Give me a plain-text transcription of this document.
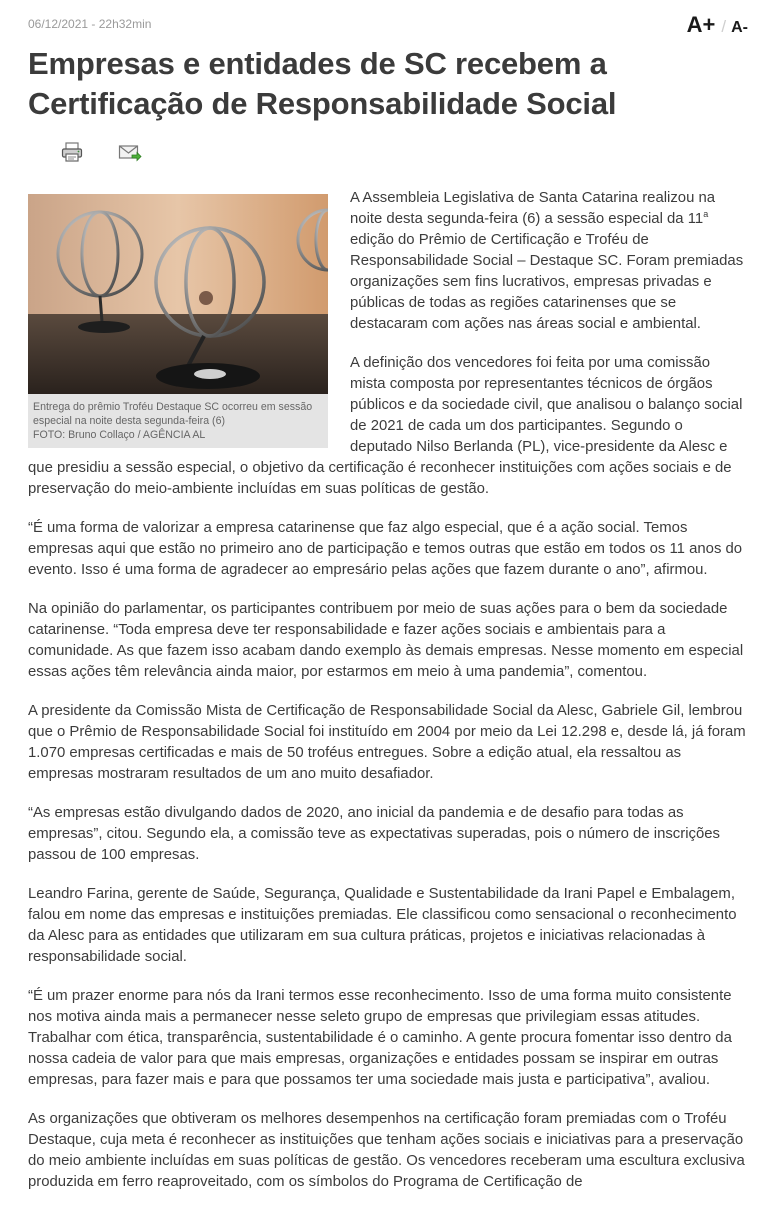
06/12/2021 - 22h32min	A+ / A-
Empresas e entidades de SC recebem a Certificação de Responsabilidade Social
Entrega do prêmio Troféu Destaque SC ocorreu em sessão especial na noite desta segunda-feira (6)
FOTO: Bruno Collaço / AGÊNCIA AL

A Assembleia Legislativa de Santa Catarina realizou na noite desta segunda-feira (6) a sessão especial da 11$^a$ edição do Prêmio de Certificação e Troféu de Responsabilidade Social – Destaque SC. Foram premiadas organizações sem fins lucrativos, empresas privadas e públicas de todas as regiões catarinenses que se destacaram com ações nas áreas social e ambiental.

A definição dos vencedores foi feita por uma comissão mista composta por representantes técnicos de órgãos públicos e da sociedade civil, que analisou o balanço social de 2021 de cada um dos participantes. Segundo o deputado Nilso Berlanda (PL), vice-presidente da Alesc e que presidiu a sessão especial, o objetivo da certificação é reconhecer instituições com ações sociais e de preservação do meio-ambiente incluídas em suas políticas de gestão.

“É uma forma de valorizar a empresa catarinense que faz algo especial, que é a ação social. Temos empresas aqui que estão no primeiro ano de participação e temos outras que estão em todos os 11 anos do evento. Isso é uma forma de agradecer ao empresário pelas ações que fazem durante o ano”, afirmou.

Na opinião do parlamentar, os participantes contribuem por meio de suas ações para o bem da sociedade catarinense. “Toda empresa deve ter responsabilidade e fazer ações sociais e ambientais para a comunidade. As que fazem isso acabam dando exemplo às demais empresas. Nesse momento em especial essas ações têm relevância ainda maior, por estarmos em meio à uma pandemia”, comentou.

A presidente da Comissão Mista de Certificação de Responsabilidade Social da Alesc, Gabriele Gil, lembrou que o Prêmio de Responsabilidade Social foi instituído em 2004 por meio da Lei 12.298 e, desde lá, já foram 1.070 empresas certificadas e mais de 50 troféus entregues. Sobre a edição atual, ela ressaltou as empresas mostraram resultados de um ano muito desafiador.

“As empresas estão divulgando dados de 2020, ano inicial da pandemia e de desafio para todas as empresas”, citou. Segundo ela, a comissão teve as expectativas superadas, pois o número de inscrições passou de 100 empresas.

Leandro Farina, gerente de Saúde, Segurança, Qualidade e Sustentabilidade da Irani Papel e Embalagem, falou em nome das empresas e instituições premiadas. Ele classificou como sensacional o reconhecimento da Alesc para as entidades que utilizaram em sua cultura práticas, projetos e iniciativas relacionadas à responsabilidade social.

“É um prazer enorme para nós da Irani termos esse reconhecimento. Isso de uma forma muito consistente nos motiva ainda mais a permanecer nesse seleto grupo de empresas que privilegiam essas atitudes. Trabalhar com ética, transparência, sustentabilidade é o caminho. A gente procura fomentar isso dentro da nossa cadeia de valor para que mais empresas, organizações e entidades possam se inspirar em outras empresas, para fazer mais e para que possamos ter uma sociedade mais justa e participativa”, avaliou.

As organizações que obtiveram os melhores desempenhos na certificação foram premiadas com o Troféu Destaque, cuja meta é reconhecer as instituições que tenham ações sociais e iniciativas para a preservação do meio ambiente incluídas em suas políticas de gestão. Os vencedores receberam uma escultura exclusiva produzida em ferro reaproveitado, com os símbolos do Programa de Certificação de
